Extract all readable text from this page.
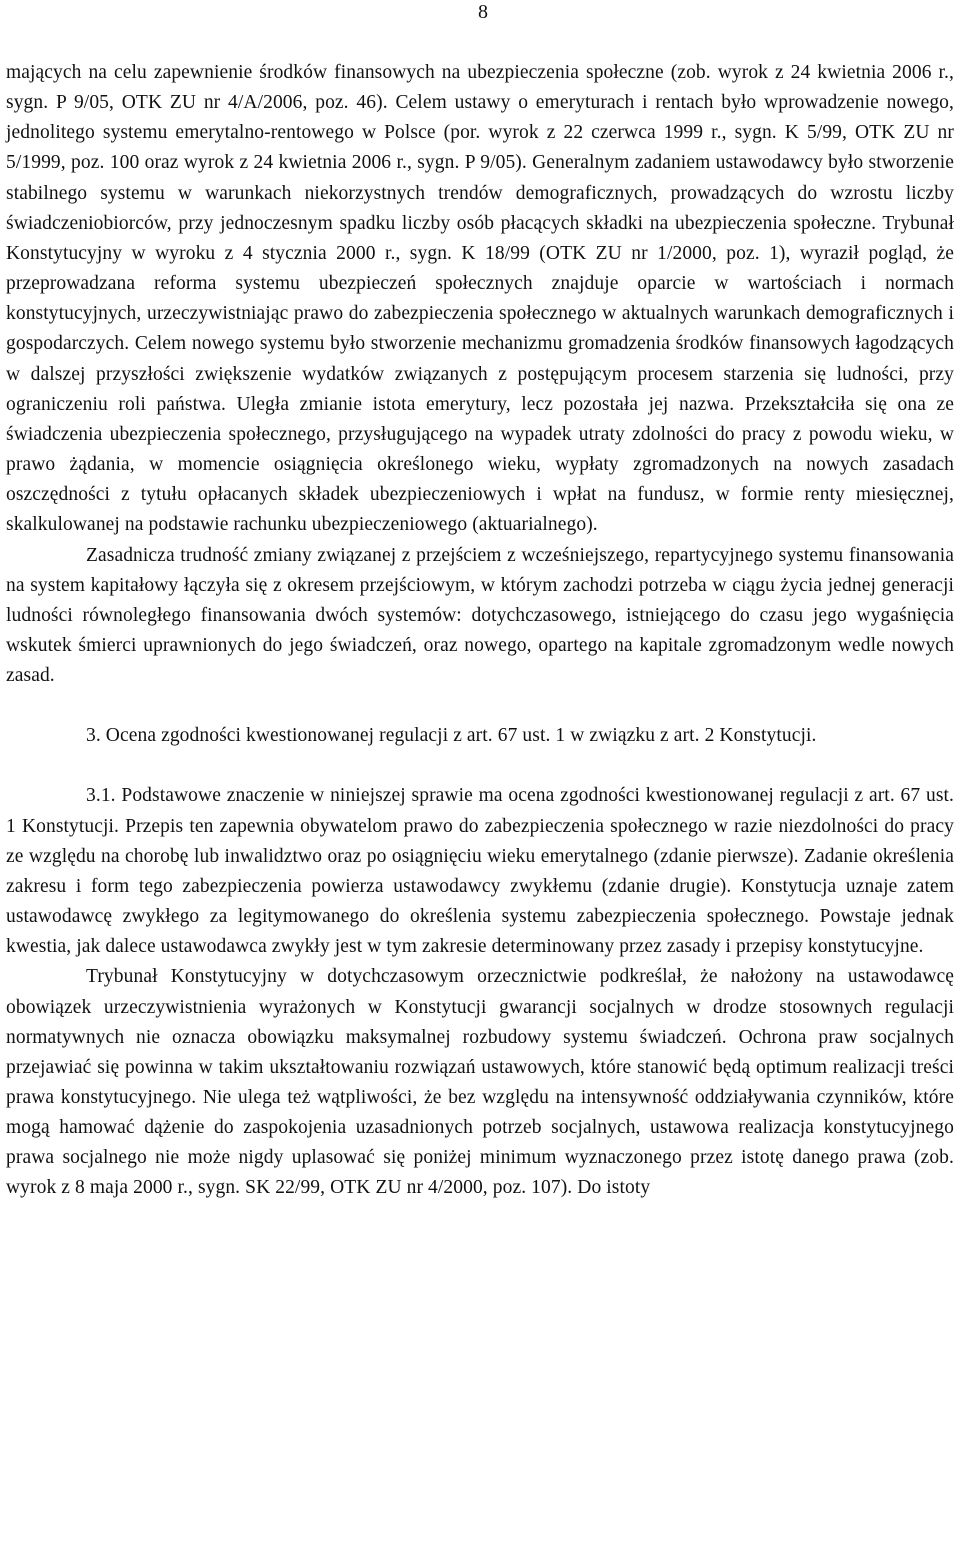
8

mających na celu zapewnienie środków finansowych na ubezpieczenia społeczne (zob. wyrok z 24 kwietnia 2006 r., sygn. P 9/05, OTK ZU nr 4/A/2006, poz. 46). Celem ustawy o emeryturach i rentach było wprowadzenie nowego, jednolitego systemu emerytalno-rentowego w Polsce (por. wyrok z 22 czerwca 1999 r., sygn. K 5/99, OTK ZU nr 5/1999, poz. 100 oraz wyrok z 24 kwietnia 2006 r., sygn. P 9/05). Generalnym zadaniem ustawodawcy było stworzenie stabilnego systemu w warunkach niekorzystnych trendów demograficznych, prowadzących do wzrostu liczby świadczeniobiorców, przy jednoczesnym spadku liczby osób płacących składki na ubezpieczenia społeczne. Trybunał Konstytucyjny w wyroku z 4 stycznia 2000 r., sygn. K 18/99 (OTK ZU nr 1/2000, poz. 1), wyraził pogląd, że przeprowadzana reforma systemu ubezpieczeń społecznych znajduje oparcie w wartościach i normach konstytucyjnych, urzeczywistniając prawo do zabezpieczenia społecznego w aktualnych warunkach demograficznych i gospodarczych. Celem nowego systemu było stworzenie mechanizmu gromadzenia środków finansowych łagodzących w dalszej przyszłości zwiększenie wydatków związanych z postępującym procesem starzenia się ludności, przy ograniczeniu roli państwa. Uległa zmianie istota emerytury, lecz pozostała jej nazwa. Przekształciła się ona ze świadczenia ubezpieczenia społecznego, przysługującego na wypadek utraty zdolności do pracy z powodu wieku, w prawo żądania, w momencie osiągnięcia określonego wieku, wypłaty zgromadzonych na nowych zasadach oszczędności z tytułu opłacanych składek ubezpieczeniowych i wpłat na fundusz, w formie renty miesięcznej, skalkulowanej na podstawie rachunku ubezpieczeniowego (aktuarialnego).

Zasadnicza trudność zmiany związanej z przejściem z wcześniejszego, repartycyjnego systemu finansowania na system kapitałowy łączyła się z okresem przejściowym, w którym zachodzi potrzeba w ciągu życia jednej generacji ludności równoległego finansowania dwóch systemów: dotychczasowego, istniejącego do czasu jego wygaśnięcia wskutek śmierci uprawnionych do jego świadczeń, oraz nowego, opartego na kapitale zgromadzonym wedle nowych zasad.

3. Ocena zgodności kwestionowanej regulacji z art. 67 ust. 1 w związku z art. 2 Konstytucji.

3.1. Podstawowe znaczenie w niniejszej sprawie ma ocena zgodności kwestionowanej regulacji z art. 67 ust. 1 Konstytucji. Przepis ten zapewnia obywatelom prawo do zabezpieczenia społecznego w razie niezdolności do pracy ze względu na chorobę lub inwalidztwo oraz po osiągnięciu wieku emerytalnego (zdanie pierwsze). Zadanie określenia zakresu i form tego zabezpieczenia powierza ustawodawcy zwykłemu (zdanie drugie). Konstytucja uznaje zatem ustawodawcę zwykłego za legitymowanego do określenia systemu zabezpieczenia społecznego. Powstaje jednak kwestia, jak dalece ustawodawca zwykły jest w tym zakresie determinowany przez zasady i przepisy konstytucyjne.

Trybunał Konstytucyjny w dotychczasowym orzecznictwie podkreślał, że nałożony na ustawodawcę obowiązek urzeczywistnienia wyrażonych w Konstytucji gwarancji socjalnych w drodze stosownych regulacji normatywnych nie oznacza obowiązku maksymalnej rozbudowy systemu świadczeń. Ochrona praw socjalnych przejawiać się powinna w takim ukształtowaniu rozwiązań ustawowych, które stanowić będą optimum realizacji treści prawa konstytucyjnego. Nie ulega też wątpliwości, że bez względu na intensywność oddziaływania czynników, które mogą hamować dążenie do zaspokojenia uzasadnionych potrzeb socjalnych, ustawowa realizacja konstytucyjnego prawa socjalnego nie może nigdy uplasować się poniżej minimum wyznaczonego przez istotę danego prawa (zob. wyrok z 8 maja 2000 r., sygn. SK 22/99, OTK ZU nr 4/2000, poz. 107). Do istoty
